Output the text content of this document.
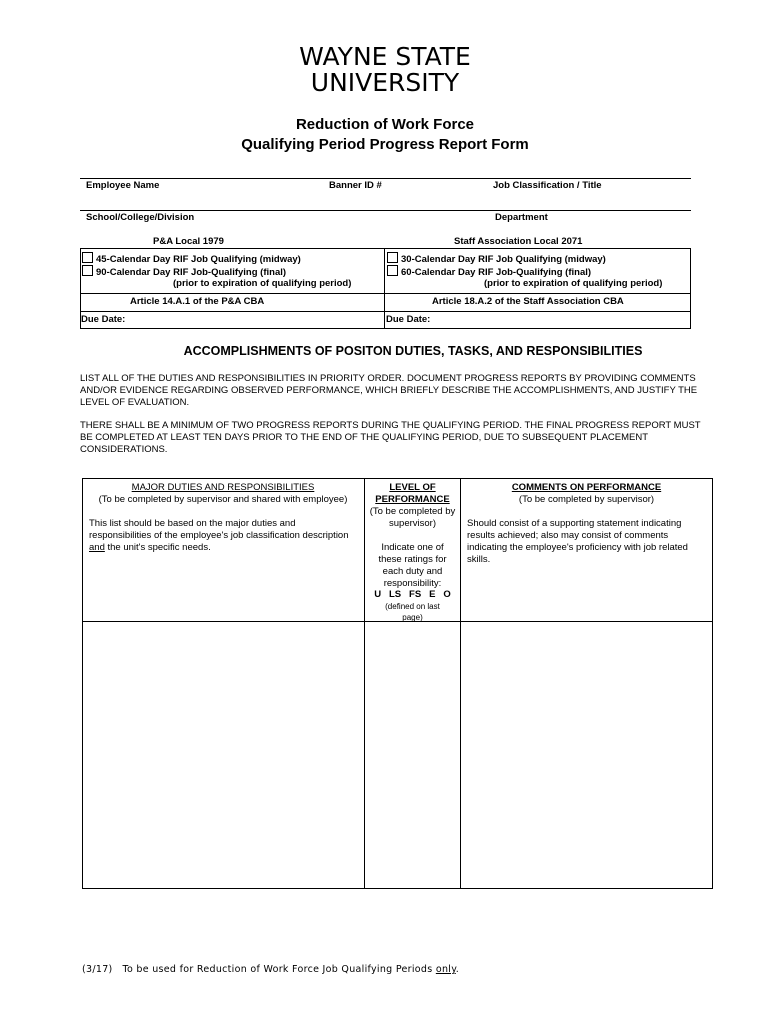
WAYNE STATE
UNIVERSITY
Reduction of Work Force
Qualifying Period Progress Report Form
Employee Name	Banner ID #	Job Classification / Title
School/College/Division	Department
P&A Local 1979	Staff Association Local 2071
45-Calendar Day RIF Job Qualifying (midway)
90-Calendar Day RIF Job-Qualifying (final)
(prior to expiration of qualifying period)
Article 14.A.1 of the P&A CBA
Due Date:
30-Calendar Day RIF Job Qualifying (midway)
60-Calendar Day RIF Job-Qualifying (final)
(prior to expiration of qualifying period)
Article 18.A.2 of the Staff Association CBA
Due Date:
ACCOMPLISHMENTS OF POSITON DUTIES, TASKS, AND RESPONSIBILITIES
LIST ALL OF THE DUTIES AND RESPONSIBILITIES IN PRIORITY ORDER. DOCUMENT PROGRESS REPORTS BY PROVIDING COMMENTS AND/OR EVIDENCE REGARDING OBSERVED PERFORMANCE, WHICH BRIEFLY DESCRIBE THE ACCOMPLISHMENTS, AND JUSTIFY THE LEVEL OF EVALUATION.
THERE SHALL BE A MINIMUM OF TWO PROGRESS REPORTS DURING THE QUALIFYING PERIOD. THE FINAL PROGRESS REPORT MUST BE COMPLETED AT LEAST TEN DAYS PRIOR TO THE END OF THE QUALIFYING PERIOD, DUE TO SUBSEQUENT PLACEMENT CONSIDERATIONS.
MAJOR DUTIES AND RESPONSIBILITIES
(To be completed by supervisor and shared with employee)
This list should be based on the major duties and responsibilities of the employee's job classification description and the unit's specific needs.
LEVEL OF
PERFORMANCE
(To be completed by supervisor)
Indicate one of these ratings for each duty and responsibility:
U   LS   FS   E   O
(defined on last page)
COMMENTS ON PERFORMANCE
(To be completed by supervisor)
Should consist of a supporting statement indicating results achieved; also may consist of comments indicating the employee's proficiency with job related skills.
(3/17)   To be used for Reduction of Work Force Job Qualifying Periods only.
